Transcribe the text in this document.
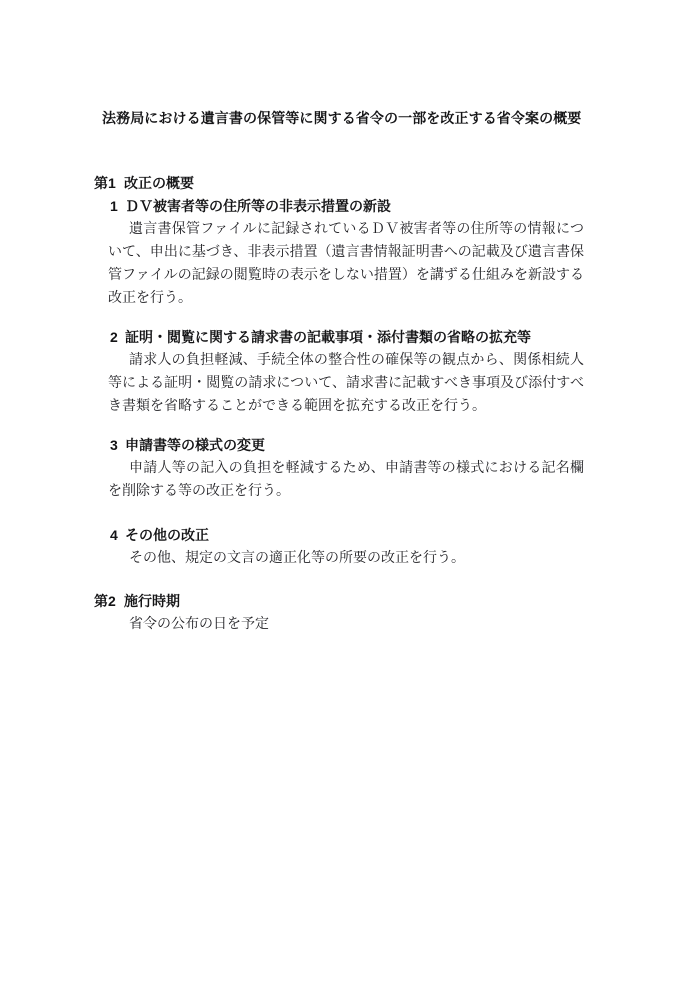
法務局における遺言書の保管等に関する省令の一部を改正する省令案の概要
第1 改正の概要
1 ＤＶ被害者等の住所等の非表示措置の新設

遺言書保管ファイルに記録されているＤＶ被害者等の住所等の情報について、申出に基づき、非表示措置（遺言書情報証明書への記載及び遺言書保管ファイルの記録の閲覧時の表示をしない措置）を講ずる仕組みを新設する改正を行う。

2 証明・閲覧に関する請求書の記載事項・添付書類の省略の拡充等

請求人の負担軽減、手続全体の整合性の確保等の観点から、関係相続人等による証明・閲覧の請求について、請求書に記載すべき事項及び添付すべき書類を省略することができる範囲を拡充する改正を行う。

3 申請書等の様式の変更

申請人等の記入の負担を軽減するため、申請書等の様式における記名欄を削除する等の改正を行う。

4 その他の改正

その他、規定の文言の適正化等の所要の改正を行う。

第2 施行時期

省令の公布の日を予定
